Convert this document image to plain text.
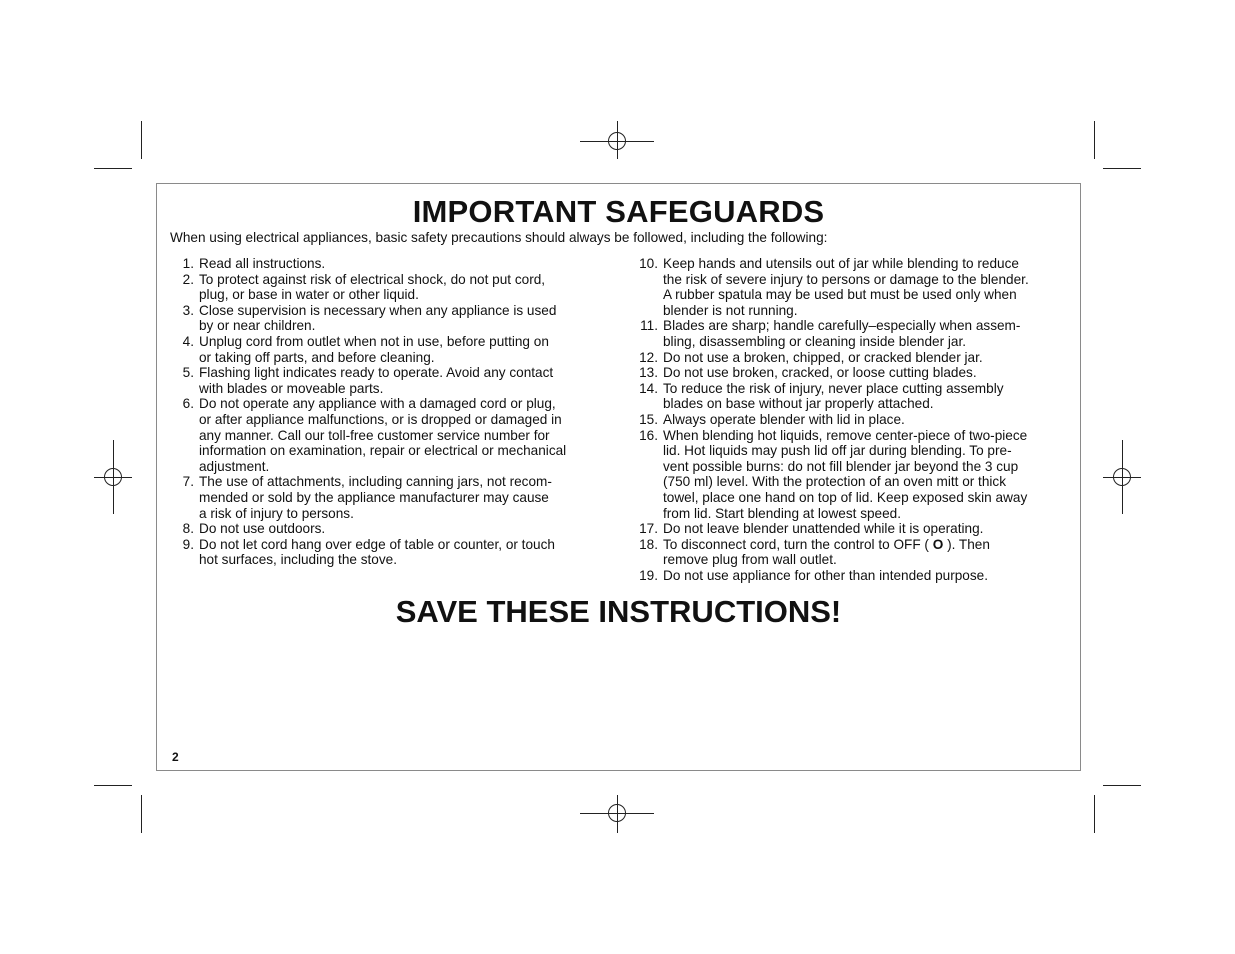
IMPORTANT SAFEGUARDS

When using electrical appliances, basic safety precautions should always be followed, including the following:

1. Read all instructions.
2. To protect against risk of electrical shock, do not put cord,
plug, or base in water or other liquid.
3. Close supervision is necessary when any appliance is used
by or near children.
4. Unplug cord from outlet when not in use, before putting on
or taking off parts, and before cleaning.
5. Flashing light indicates ready to operate. Avoid any contact
with blades or moveable parts.
6. Do not operate any appliance with a damaged cord or plug,
or after appliance malfunctions, or is dropped or damaged in
any manner. Call our toll-free customer service number for
information on examination, repair or electrical or mechanical
adjustment.
7. The use of attachments, including canning jars, not recom-
mended or sold by the appliance manufacturer may cause
a risk of injury to persons.
8. Do not use outdoors.
9. Do not let cord hang over edge of table or counter, or touch
hot surfaces, including the stove.
10. Keep hands and utensils out of jar while blending to reduce
the risk of severe injury to persons or damage to the blender.
A rubber spatula may be used but must be used only when
blender is not running.
11. Blades are sharp; handle carefully–especially when assem-
bling, disassembling or cleaning inside blender jar.
12. Do not use a broken, chipped, or cracked blender jar.
13. Do not use broken, cracked, or loose cutting blades.
14. To reduce the risk of injury, never place cutting assembly
blades on base without jar properly attached.
15. Always operate blender with lid in place.
16. When blending hot liquids, remove center-piece of two-piece
lid. Hot liquids may push lid off jar during blending. To pre-
vent possible burns: do not fill blender jar beyond the 3 cup
(750 ml) level. With the protection of an oven mitt or thick
towel, place one hand on top of lid. Keep exposed skin away
from lid. Start blending at lowest speed.
17. Do not leave blender unattended while it is operating.
18. To disconnect cord, turn the control to OFF ( O ). Then
remove plug from wall outlet.
19. Do not use appliance for other than intended purpose.
SAVE THESE INSTRUCTIONS!
2
